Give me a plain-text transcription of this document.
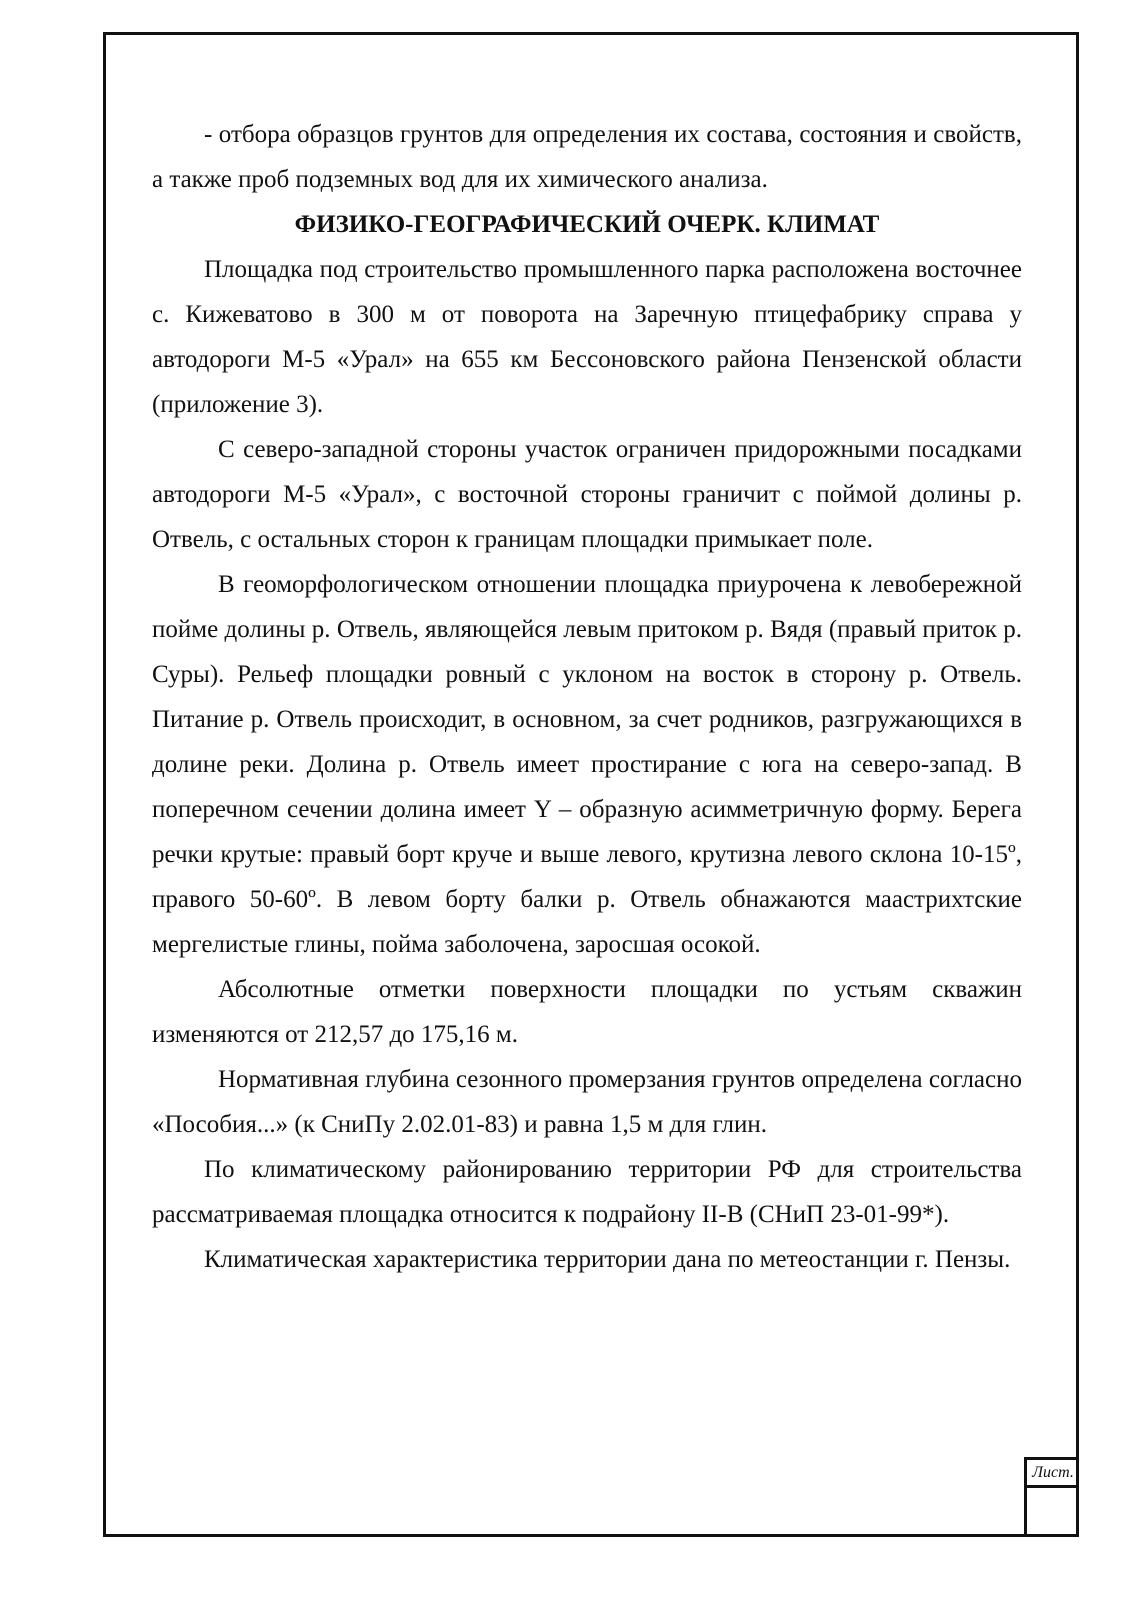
- отбора образцов грунтов для определения их состава, состояния и свойств, а также проб подземных вод для их химического анализа.

ФИЗИКО-ГЕОГРАФИЧЕСКИЙ ОЧЕРК. КЛИМАТ

Площадка под строительство промышленного парка расположена восточнее с. Кижеватово в 300 м от поворота на Заречную птицефабрику справа у автодороги М-5 «Урал» на 655 км Бессоновского района Пензенской области (приложение 3).

С северо-западной стороны участок ограничен придорожными посадками автодороги М-5 «Урал», с восточной стороны граничит с поймой долины р. Отвель, с остальных сторон к границам площадки примыкает поле.

В геоморфологическом отношении площадка приурочена к левобережной пойме долины р. Отвель, являющейся левым притоком р. Вядя (правый приток р. Суры). Рельеф площадки ровный с уклоном на восток в сторону р. Отвель. Питание р. Отвель происходит, в основном, за счет родников, разгружающихся в долине реки. Долина р. Отвель имеет простирание с юга на северо-запад. В поперечном сечении долина имеет Y – образную асимметричную форму. Берега речки крутые: правый борт круче и выше левого, крутизна левого склона 10-15º, правого 50-60º. В левом борту балки р. Отвель обнажаются маастрихтские мергелистые глины, пойма заболочена, заросшая осокой.

Абсолютные отметки поверхности площадки по устьям скважин изменяются от 212,57 до 175,16 м.

Нормативная глубина сезонного промерзания грунтов определена согласно «Пособия...» (к СниПу 2.02.01-83) и равна 1,5 м для глин.

По климатическому районированию территории РФ для строительства рассматриваемая площадка относится к подрайону II-В (СНиП 23-01-99*).

Климатическая характеристика территории дана по метеостанции г. Пензы.

Лист.
